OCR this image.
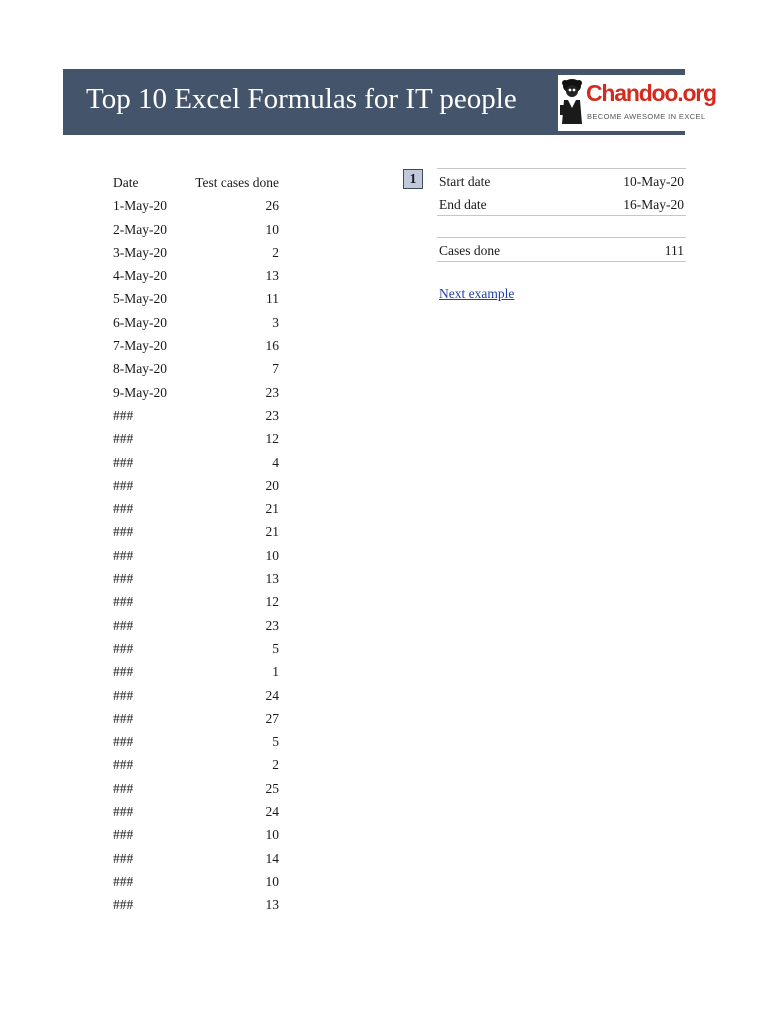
Top 10 Excel Formulas for IT people	Chandoo.org
BECOME AWESOME IN EXCEL
Date	Test cases done
1-May-20	26
2-May-20	10
3-May-20	2
4-May-20	13
5-May-20	11
6-May-20	3
7-May-20	16
8-May-20	7
9-May-20	23
###	23
###	12
###	4
###	20
###	21
###	21
###	10
###	13
###	12
###	23
###	5
###	1
###	24
###	27
###	5
###	2
###	25
###	24
###	10
###	14
###	10
###	13
1	Start date	10-May-20
End date	16-May-20
Cases done	111
Next example
